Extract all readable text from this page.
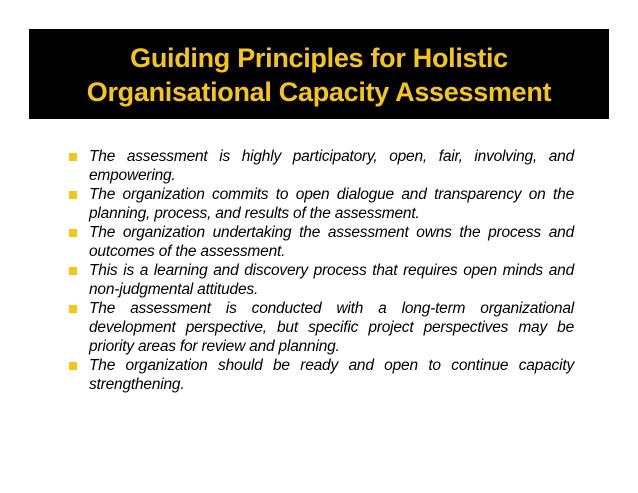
Guiding Principles for Holistic
Organisational Capacity Assessment
The assessment is highly participatory, open, fair, involving, and empowering.
The organization commits to open dialogue and transparency on the planning, process, and results of the assessment.
The organization undertaking the assessment owns the process and outcomes of the assessment.
This is a learning and discovery process that requires open minds and non-judgmental attitudes.
The assessment is conducted with a long-term organizational development perspective, but specific project perspectives may be priority areas for review and planning.
The organization should be ready and open to continue capacity strengthening.
